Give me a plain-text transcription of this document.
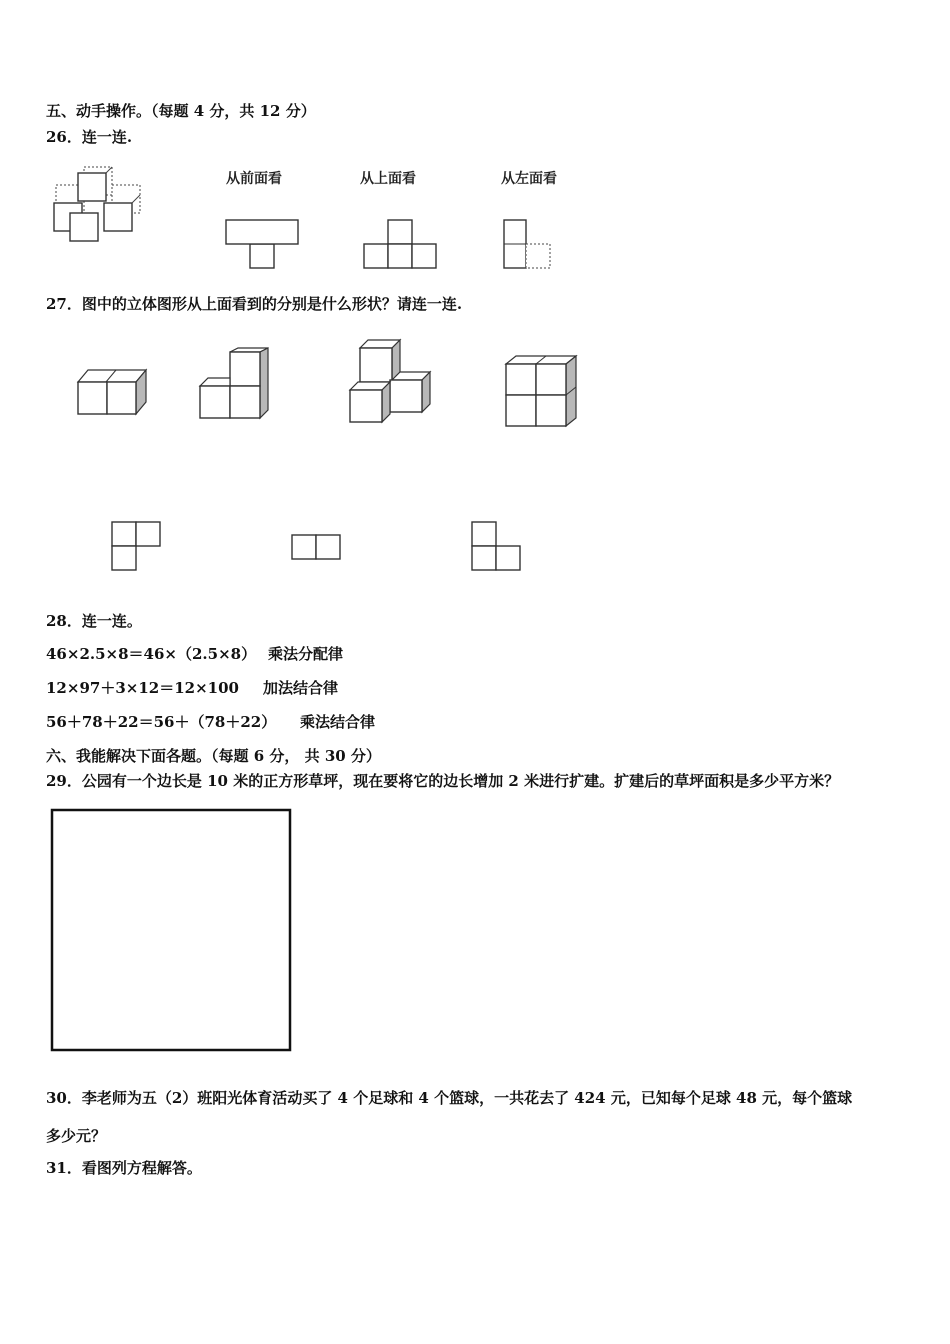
五、动手操作。（每题 4 分，共 12 分）
26．连一连.
从前面看	从上面看	从左面看
27．图中的立体图形从上面看到的分别是什么形状？请连一连.
28．连一连。
46×2.5×8＝46×（2.5×8） 乘法分配律
12×97＋3×12＝12×100 加法结合律
56＋78＋22＝56＋（78＋22） 乘法结合律
六、我能解决下面各题。（每题 6 分， 共 30 分）
29．公园有一个边长是 10 米的正方形草坪，现在要将它的边长增加 2 米进行扩建。扩建后的草坪面积是多少平方米？
30．李老师为五（2）班阳光体育活动买了 4 个足球和 4 个篮球，一共花去了 424 元，已知每个足球 48 元，每个篮球
多少元？
31．看图列方程解答。
